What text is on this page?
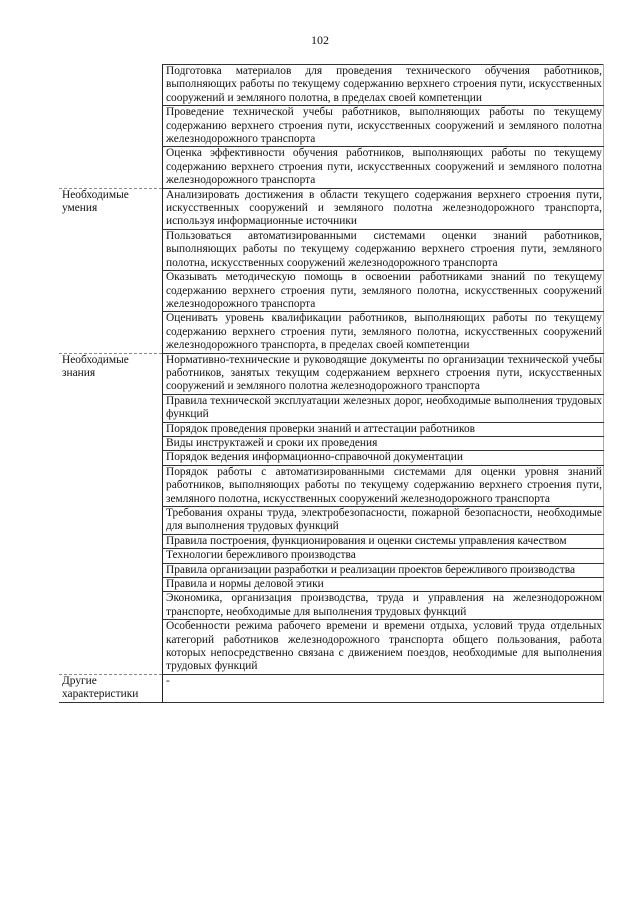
102
	Подготовка материалов для проведения технического обучения работников, выполняющих работы по текущему содержанию верхнего строения пути, искусственных сооружений и земляного полотна, в пределах своей компетенции
	Проведение технической учебы работников, выполняющих работы по текущему содержанию верхнего строения пути, искусственных сооружений и земляного полотна железнодорожного транспорта
	Оценка эффективности обучения работников, выполняющих работы по текущему содержанию верхнего строения пути, искусственных сооружений и земляного полотна железнодорожного транспорта
Необходимые умения	Анализировать достижения в области текущего содержания верхнего строения пути, искусственных сооружений и земляного полотна железнодорожного транспорта, используя информационные источники
	Пользоваться автоматизированными системами оценки знаний работников, выполняющих работы по текущему содержанию верхнего строения пути, земляного полотна, искусственных сооружений железнодорожного транспорта
	Оказывать методическую помощь в освоении работниками знаний по текущему содержанию верхнего строения пути, земляного полотна, искусственных сооружений железнодорожного транспорта
	Оценивать уровень квалификации работников, выполняющих работы по текущему содержанию верхнего строения пути, земляного полотна, искусственных сооружений железнодорожного транспорта, в пределах своей компетенции
Необходимые знания	Нормативно-технические и руководящие документы по организации технической учебы работников, занятых текущим содержанием верхнего строения пути, искусственных сооружений и земляного полотна железнодорожного транспорта
	Правила технической эксплуатации железных дорог, необходимые выполнения трудовых функций
	Порядок проведения проверки знаний и аттестации работников
	Виды инструктажей и сроки их проведения
	Порядок ведения информационно-справочной документации
	Порядок работы с автоматизированными системами для оценки уровня знаний работников, выполняющих работы по текущему содержанию верхнего строения пути, земляного полотна, искусственных сооружений железнодорожного транспорта
	Требования охраны труда, электробезопасности, пожарной безопасности, необходимые для выполнения трудовых функций
	Правила построения, функционирования и оценки системы управления качеством
	Технологии бережливого производства
	Правила организации разработки и реализации проектов бережливого производства
	Правила и нормы деловой этики
	Экономика, организация производства, труда и управления на железнодорожном транспорте, необходимые для выполнения трудовых функций
	Особенности режима рабочего времени и времени отдыха, условий труда отдельных категорий работников железнодорожного транспорта общего пользования, работа которых непосредственно связана с движением поездов, необходимые для выполнения трудовых функций
Другие характеристики	-
